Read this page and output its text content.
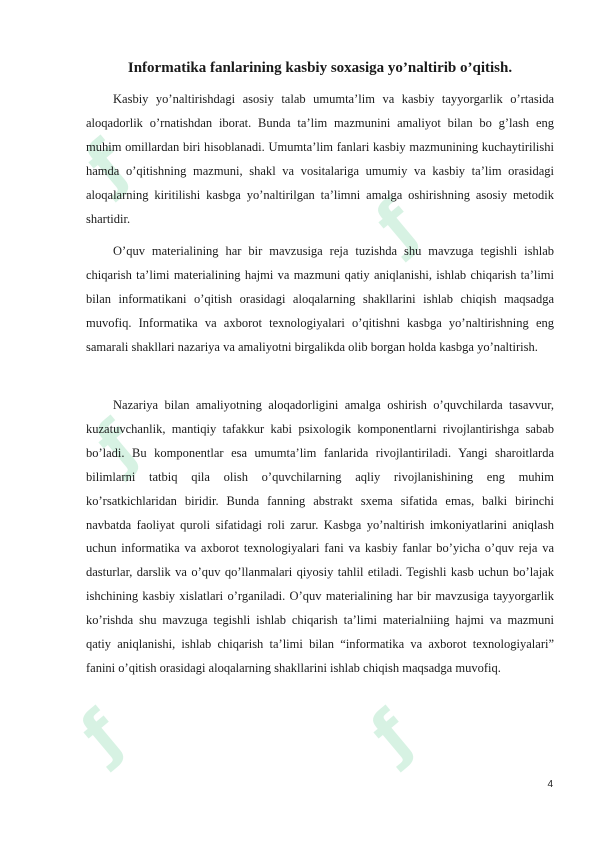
ƒ
ƒ
ƒ
ƒ	ƒ
Informatika fanlarining kasbiy soxasiga yo’naltirib o’qitish.

Kasbiy yo’naltirishdagi asosiy talab umumta’lim va kasbiy tayyorgarlik o’rtasida aloqadorlik o’rnatishdan iborat. Bunda ta’lim mazmunini amaliyot bilan bo g’lash eng muhim omillardan biri hisoblanadi. Umumta’lim fanlari kasbiy mazmunining kuchaytirilishi hamda o’qitishning mazmuni, shakl va vositalariga umumiy va kasbiy ta’lim orasidagi aloqalarning kiritilishi kasbga yo’naltirilgan ta’limni amalga oshirishning asosiy metodik shartidir.

O’quv materialining har bir mavzusiga reja tuzishda shu mavzuga tegishli ishlab chiqarish ta’limi materialining hajmi va mazmuni qatiy aniqlanishi, ishlab chiqarish ta’limi bilan informatikani o’qitish orasidagi aloqalarning shakllarini ishlab chiqish maqsadga muvofiq. Informatika va axborot texnologiyalari o’qitishni kasbga yo’naltirishning eng samarali shakllari nazariya va amaliyotni birgalikda olib borgan holda kasbga yo’naltirish.

Nazariya bilan amaliyotning aloqadorligini amalga oshirish o’quvchilarda tasavvur, kuzatuvchanlik, mantiqiy tafakkur kabi psixologik komponentlarni rivojlantirishga sabab bo’ladi. Bu komponentlar esa umumta’lim fanlarida rivojlantiriladi. Yangi sharoitlarda bilimlarni tatbiq qila olish o’quvchilarning aqliy rivojlanishining eng muhim ko’rsatkichlaridan biridir. Bunda fanning abstrakt sxema sifatida emas, balki birinchi navbatda faoliyat quroli sifatidagi roli zarur. Kasbga yo’naltirish imkoniyatlarini aniqlash uchun informatika va axborot texnologiyalari fani va kasbiy fanlar bo’yicha o’quv reja va dasturlar, darslik va o’quv qo’llanmalari qiyosiy tahlil etiladi. Tegishli kasb uchun bo’lajak ishchining kasbiy xislatlari o’rganiladi. O’quv materialining har bir mavzusiga tayyorgarlik ko’rishda shu mavzuga tegishli ishlab chiqarish ta’limi materialniing hajmi va mazmuni qatiy aniqlanishi, ishlab chiqarish ta’limi bilan “informatika va axborot texnologiyalari” fanini o’qitish orasidagi aloqalarning shakllarini ishlab chiqish maqsadga muvofiq.

4
